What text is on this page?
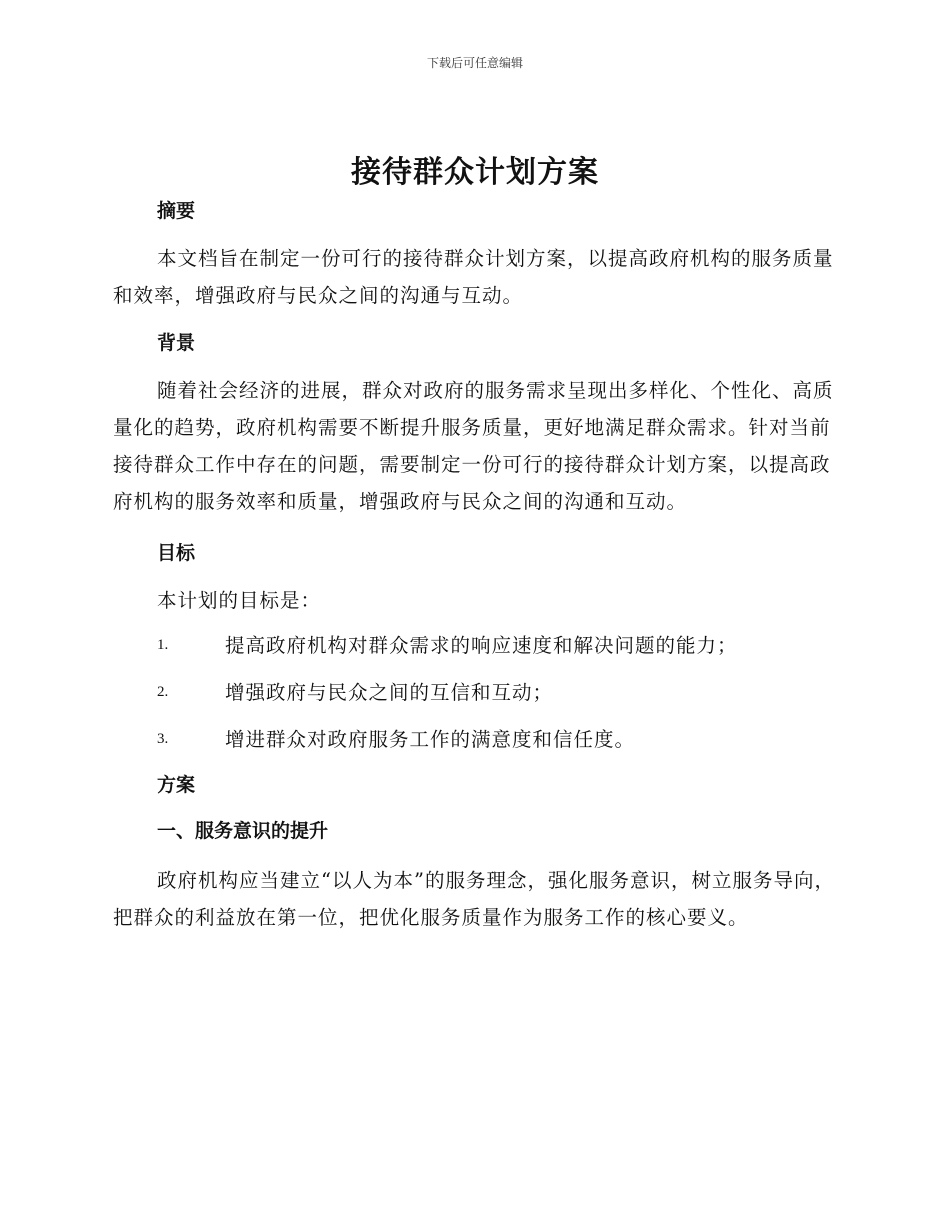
下载后可任意编辑
接待群众计划方案

摘要

本文档旨在制定一份可行的接待群众计划方案，以提高政府机构的服务质量和效率，增强政府与民众之间的沟通与互动。

背景

随着社会经济的进展，群众对政府的服务需求呈现出多样化、个性化、高质量化的趋势，政府机构需要不断提升服务质量，更好地满足群众需求。针对当前接待群众工作中存在的问题，需要制定一份可行的接待群众计划方案，以提高政府机构的服务效率和质量，增强政府与民众之间的沟通和互动。

目标

本计划的目标是：

1.	提高政府机构对群众需求的响应速度和解决问题的能力；
2.	增强政府与民众之间的互信和互动；
3.	增进群众对政府服务工作的满意度和信任度。

方案

一、服务意识的提升

政府机构应当建立“以人为本”的服务理念，强化服务意识，树立服务导向，把群众的利益放在第一位，把优化服务质量作为服务工作的核心要义。
